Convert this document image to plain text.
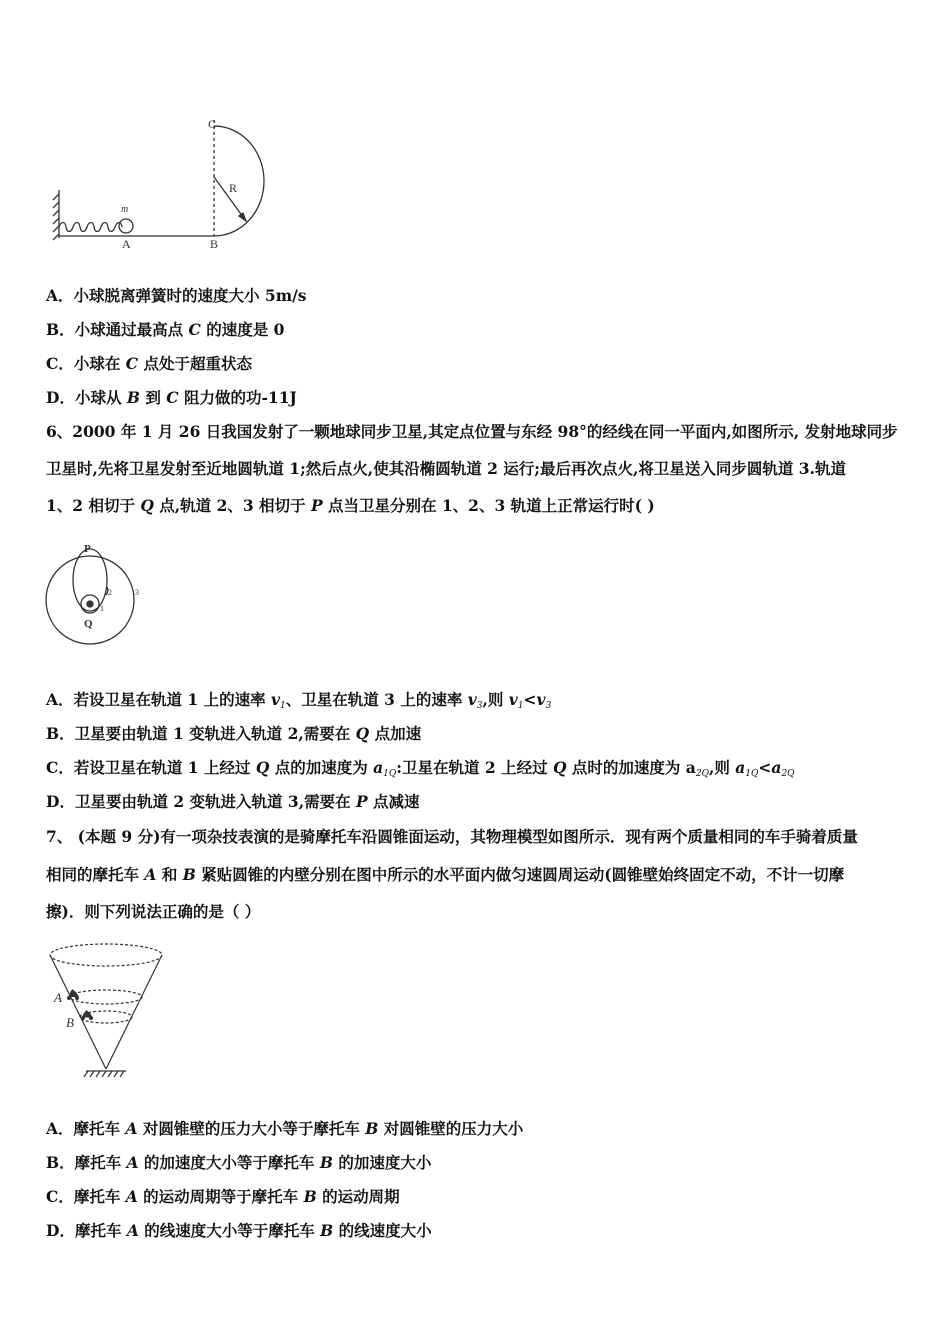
C
R
m
A	B
A．小球脱离弹簧时的速度大小 5m/s
B．小球通过最高点 C 的速度是 0
C．小球在 C 点处于超重状态
D．小球从 B 到 C 阻力做的功-11J
6、2000 年 1 月 26 日我国发射了一颗地球同步卫星,其定点位置与东经 98°的经线在同一平面内,如图所示, 发射地球同步
卫星时,先将卫星发射至近地圆轨道 1;然后点火,使其沿椭圆轨道 2 运行;最后再次点火,将卫星送入同步圆轨道 3.轨道
1、2 相切于 Q 点,轨道 2、3 相切于 P 点当卫星分别在 1、2、3 轨道上正常运行时( )
P
Q
1
2	3
A．若设卫星在轨道 1 上的速率 $v_1$、卫星在轨道 3 上的速率 $v_3$,则 $v_1<v_3$
B．卫星要由轨道 1 变轨进入轨道 2,需要在 Q 点加速
C．若设卫星在轨道 1 上经过 Q 点的加速度为 $a_{1Q}$:卫星在轨道 2 上经过 Q 点时的加速度为 $a_{2Q}$,则 $a_{1Q}<a_{2Q}$
D．卫星要由轨道 2 变轨进入轨道 3,需要在 P 点减速
7、 (本题 9 分)有一项杂技表演的是骑摩托车沿圆锥面运动，其物理模型如图所示．现有两个质量相同的车手骑着质量
相同的摩托车 A 和 B 紧贴圆锥的内壁分别在图中所示的水平面内做匀速圆周运动(圆锥壁始终固定不动，不计一切摩
擦)．则下列说法正确的是（ ）
A
B
A．摩托车 A 对圆锥壁的压力大小等于摩托车 B 对圆锥壁的压力大小
B．摩托车 A 的加速度大小等于摩托车 B 的加速度大小
C．摩托车 A 的运动周期等于摩托车 B 的运动周期
D．摩托车 A 的线速度大小等于摩托车 B 的线速度大小
